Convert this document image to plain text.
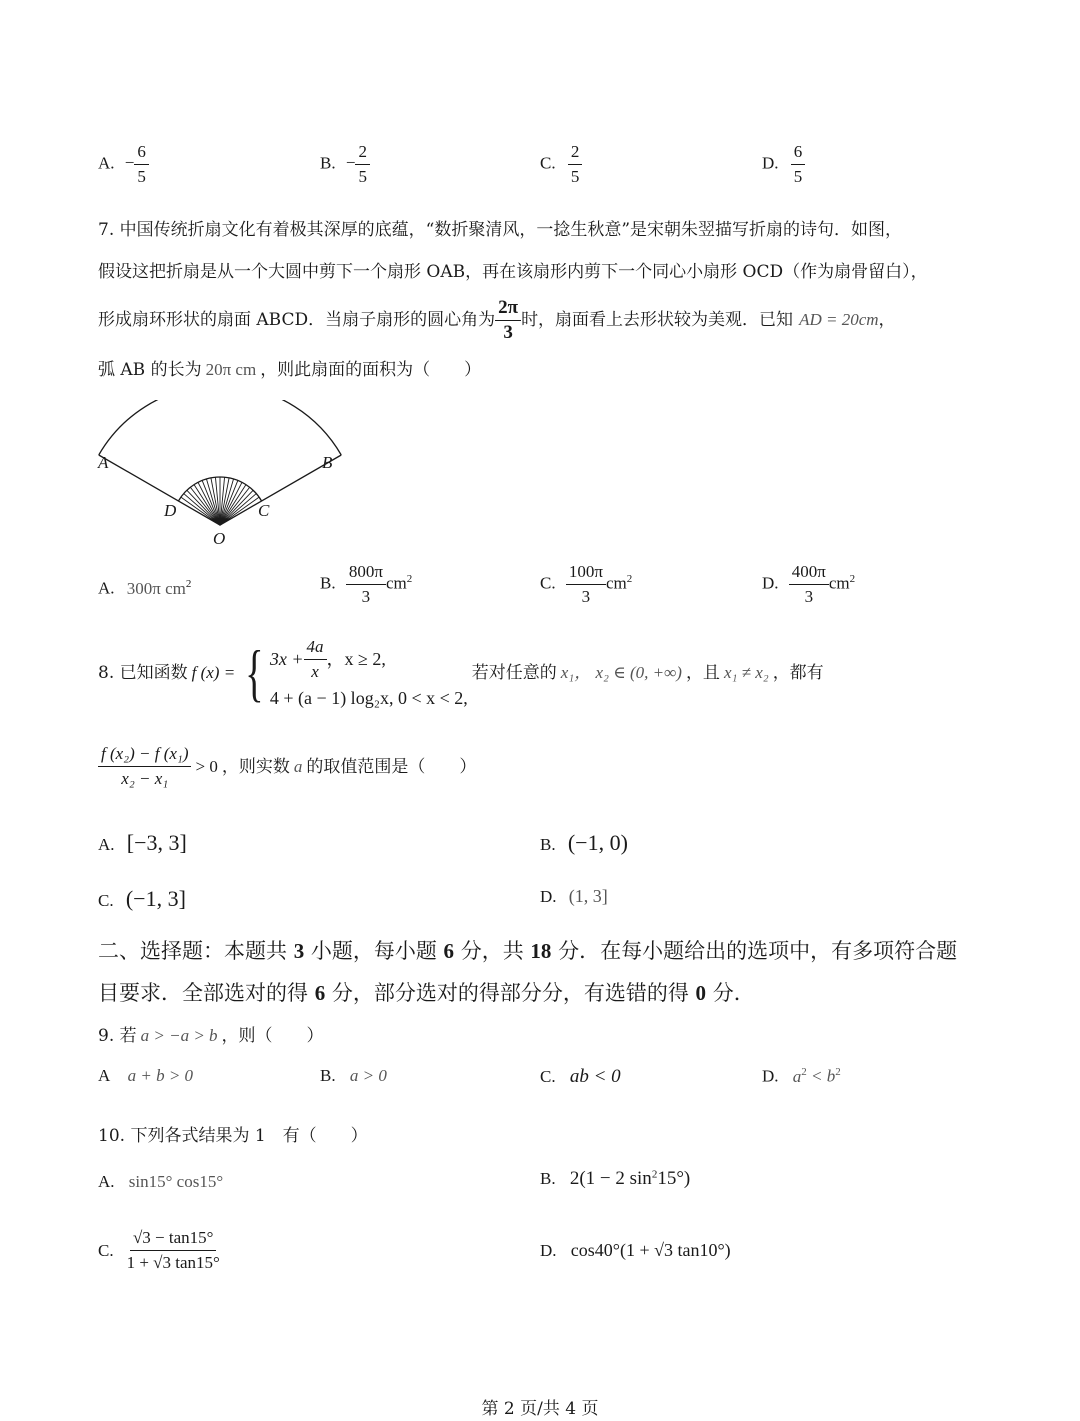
A. − $\frac{6}{5}$	B. − $\frac{2}{5}$	C. $\frac{2}{5}$	D. $\frac{6}{5}$
7. 中国传统折扇文化有着极其深厚的底蕴，“数折聚清风，一捻生秋意”是宋朝朱翌描写折扇的诗句．如图，
假设这把折扇是从一个大圆中剪下一个扇形 OAB，再在该扇形内剪下一个同心小扇形 OCD（作为扇骨留白），
形成扇环形状的扇面 ABCD．当扇子扇形的圆心角为 $\frac{2\pi}{3}$ 时，扇面看上去形状较为美观．已知 AD = 20cm，
弧 AB 的长为 20π cm ，则此扇面的面积为（　　）
A	B
D	C
O
A. 300π $cm^2$	B. $\frac{800\pi}{3} cm^2$	C. $\frac{100\pi}{3} cm^2$	D. $\frac{400\pi}{3} cm^2$
8. 已知函数 f (x) = { $3x + \frac{4a}{x}$ ，x ≥ 2,
4 + (a − 1) log₂x, 0 < x < 2,
若对任意的 x₁， x₂ ∈ (0, +∞) ，且 x₁ ≠ x₂ ，都有
$\frac{\text{f (x₂) − f (x₁)}}{\text{x₂ − x₁}} > 0$ ，则实数 a 的取值范围是（　　）
A. [−3, 3]	B. (−1, 0)
C. (−1, 3]	D. (1, 3]
二、选择题：本题共 3 小题，每小题 6 分，共 18 分．在每小题给出的选项中，有多项符合题
目要求．全部选对的得 6 分，部分选对的得部分分，有选错的得 0 分．
9. 若 a > −a > b ，则（　　）
A a + b > 0	B. a > 0	C. ab < 0	D. $a^2 < b^2$
10. 下列各式结果为 1　有（　　）
A. sin15° cos15°	B. 2(1 − 2 $\sin^215^\circ$)
C. $\frac{√3 - \tan 15^\circ}{1 + √3 \tan 15^\circ}$	D. cos40°(1 + √3 tan10°)
第 2 页/共 4 页
